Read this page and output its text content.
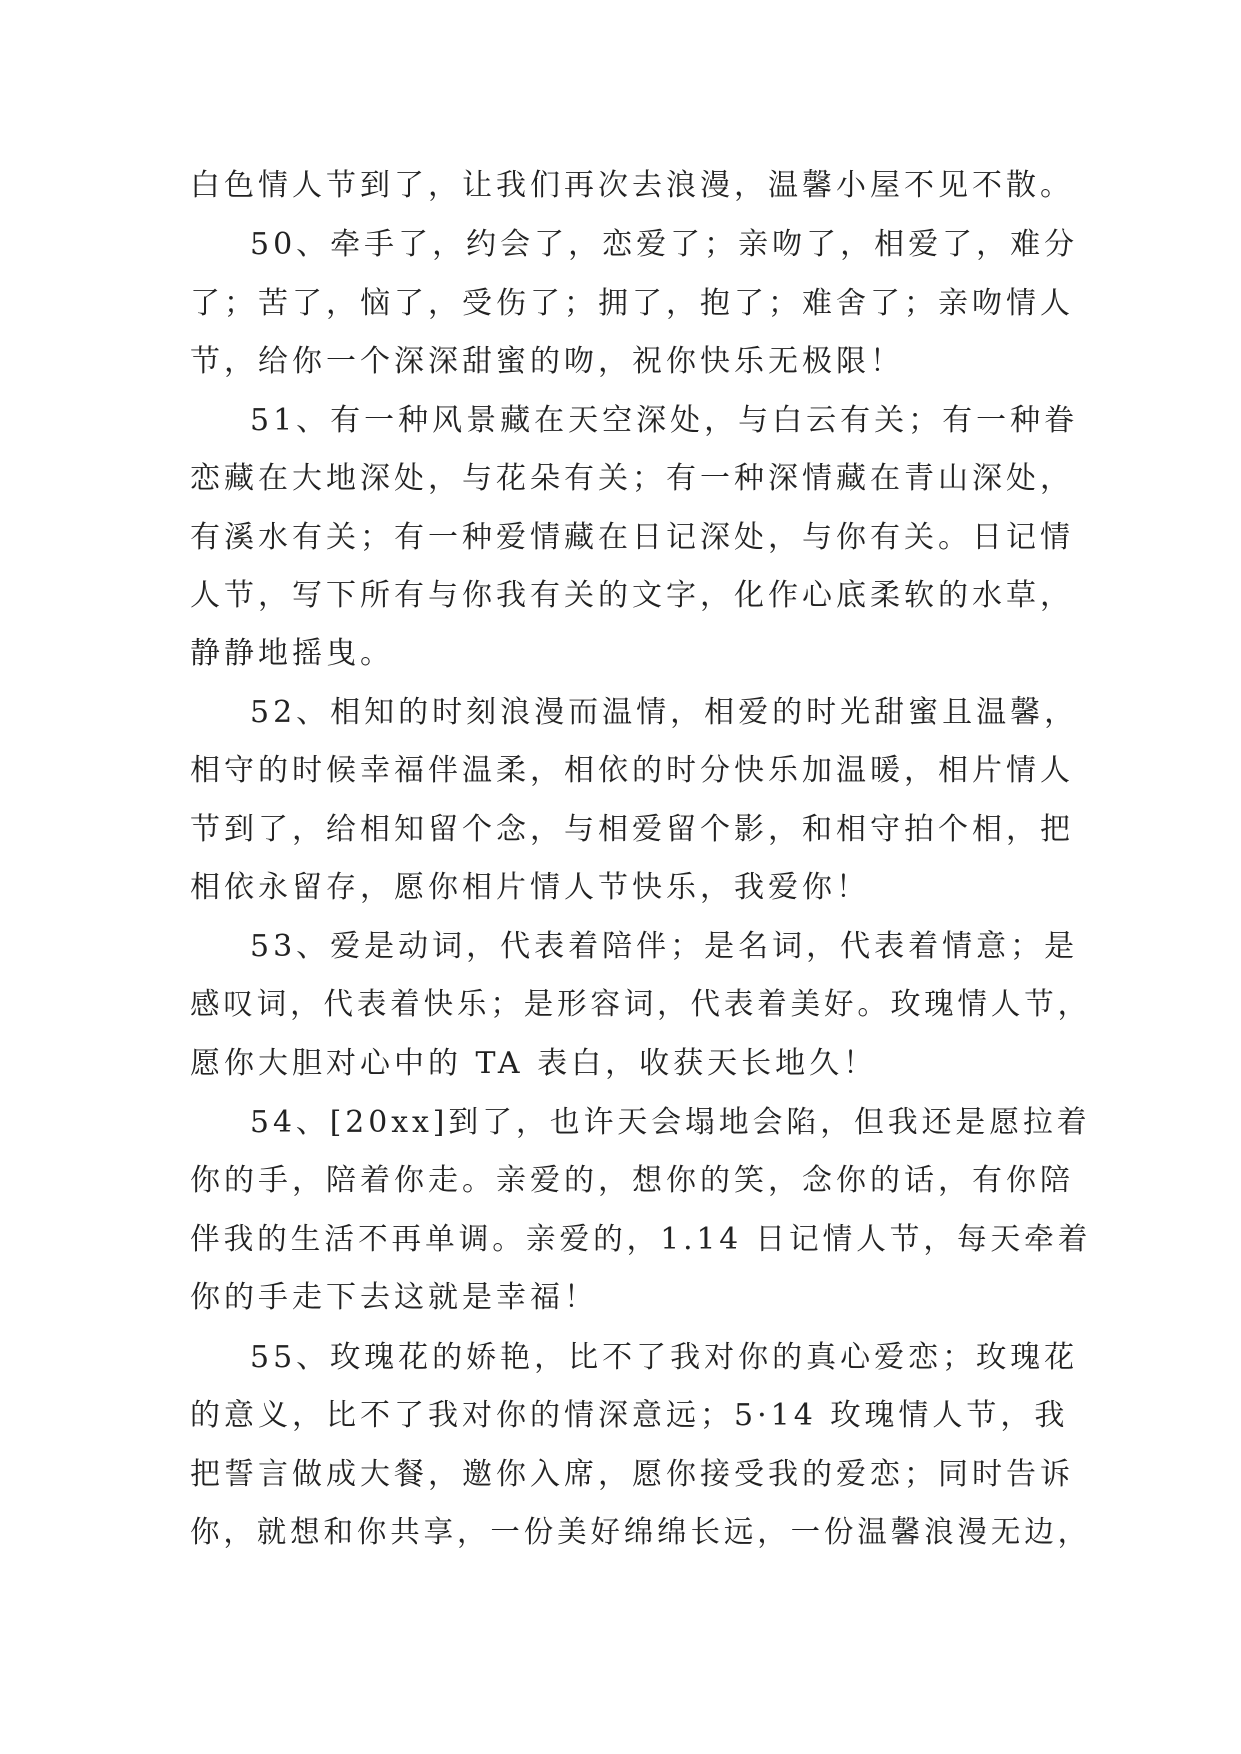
白色情人节到了，让我们再次去浪漫，温馨小屋不见不散。
50、牵手了，约会了，恋爱了；亲吻了，相爱了，难分
了；苦了，恼了，受伤了；拥了，抱了；难舍了；亲吻情人
节，给你一个深深甜蜜的吻，祝你快乐无极限！
51、有一种风景藏在天空深处，与白云有关；有一种眷
恋藏在大地深处，与花朵有关；有一种深情藏在青山深处，
有溪水有关；有一种爱情藏在日记深处，与你有关。日记情
人节，写下所有与你我有关的文字，化作心底柔软的水草，
静静地摇曳。
52、相知的时刻浪漫而温情，相爱的时光甜蜜且温馨，
相守的时候幸福伴温柔，相依的时分快乐加温暖，相片情人
节到了，给相知留个念，与相爱留个影，和相守拍个相，把
相依永留存，愿你相片情人节快乐，我爱你！
53、爱是动词，代表着陪伴；是名词，代表着情意；是
感叹词，代表着快乐；是形容词，代表着美好。玫瑰情人节，
愿你大胆对心中的 TA 表白，收获天长地久！
54、[20xx]到了，也许天会塌地会陷，但我还是愿拉着
你的手，陪着你走。亲爱的，想你的笑，念你的话，有你陪
伴我的生活不再单调。亲爱的，1.14 日记情人节，每天牵着
你的手走下去这就是幸福！
55、玫瑰花的娇艳，比不了我对你的真心爱恋；玫瑰花
的意义，比不了我对你的情深意远；5·14 玫瑰情人节，我
把誓言做成大餐，邀你入席，愿你接受我的爱恋；同时告诉
你，就想和你共享，一份美好绵绵长远，一份温馨浪漫无边，
